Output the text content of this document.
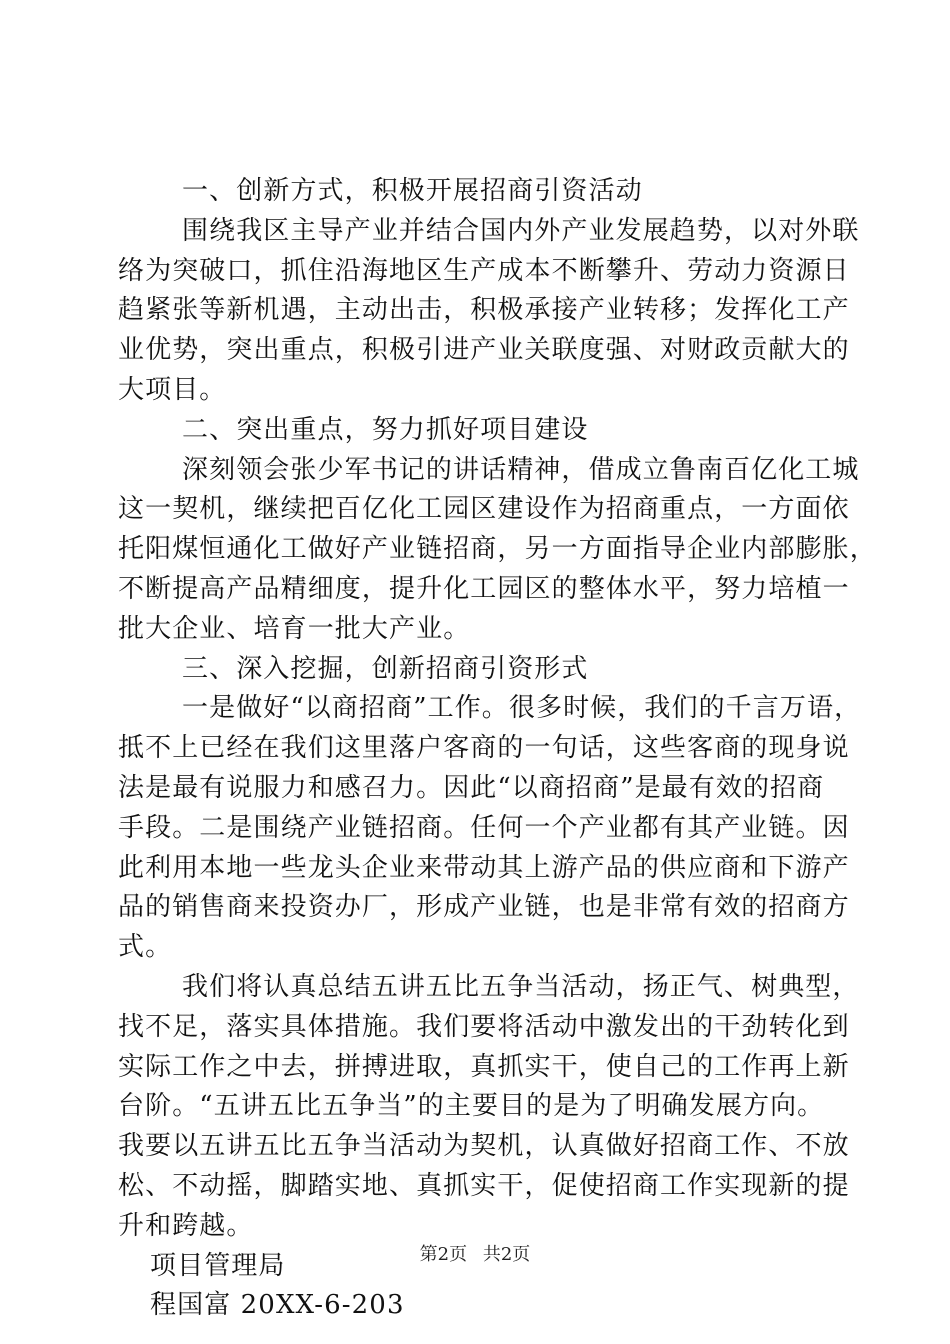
一、创新方式，积极开展招商引资活动
围绕我区主导产业并结合国内外产业发展趋势，以对外联
络为突破口，抓住沿海地区生产成本不断攀升、劳动力资源日
趋紧张等新机遇，主动出击，积极承接产业转移；发挥化工产
业优势，突出重点，积极引进产业关联度强、对财政贡献大的
大项目。
二、突出重点，努力抓好项目建设
深刻领会张少军书记的讲话精神，借成立鲁南百亿化工城
这一契机，继续把百亿化工园区建设作为招商重点，一方面依
托阳煤恒通化工做好产业链招商，另一方面指导企业内部膨胀，
不断提高产品精细度，提升化工园区的整体水平，努力培植一
批大企业、培育一批大产业。
三、深入挖掘，创新招商引资形式
一是做好“以商招商”工作。很多时候，我们的千言万语，
抵不上已经在我们这里落户客商的一句话，这些客商的现身说
法是最有说服力和感召力。因此“以商招商”是最有效的招商
手段。二是围绕产业链招商。任何一个产业都有其产业链。因
此利用本地一些龙头企业来带动其上游产品的供应商和下游产
品的销售商来投资办厂，形成产业链，也是非常有效的招商方
式。
我们将认真总结五讲五比五争当活动，扬正气、树典型，
找不足，落实具体措施。我们要将活动中激发出的干劲转化到
实际工作之中去，拼搏进取，真抓实干，使自己的工作再上新
台阶。“五讲五比五争当”的主要目的是为了明确发展方向。
我要以五讲五比五争当活动为契机，认真做好招商工作、不放
松、不动摇，脚踏实地、真抓实干，促使招商工作实现新的提
升和跨越。
项目管理局
程国富 20XX-6-203
第2页 共2页
